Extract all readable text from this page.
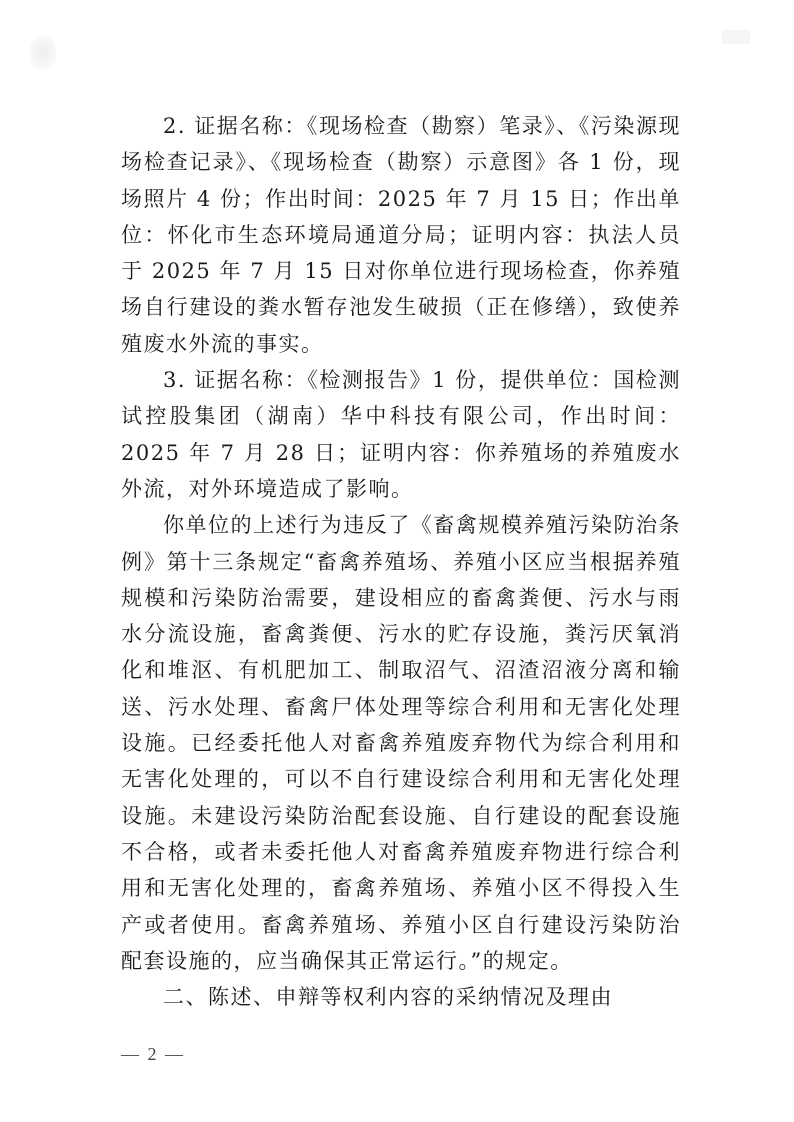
2. 证据名称：《现场检查（勘察）笔录》、《污染源现场检查记录》、《现场检查（勘察）示意图》各 1 份，现场照片 4 份；作出时间：2025 年 7 月 15 日；作出单位：怀化市生态环境局通道分局；证明内容：执法人员于 2025 年 7 月 15 日对你单位进行现场检查，你养殖场自行建设的粪水暂存池发生破损（正在修缮），致使养殖废水外流的事实。

3. 证据名称：《检测报告》1 份，提供单位：国检测试控股集团（湖南）华中科技有限公司，作出时间：2025 年 7 月 28 日；证明内容：你养殖场的养殖废水外流，对外环境造成了影响。

你单位的上述行为违反了《畜禽规模养殖污染防治条例》第十三条规定“畜禽养殖场、养殖小区应当根据养殖规模和污染防治需要，建设相应的畜禽粪便、污水与雨水分流设施，畜禽粪便、污水的贮存设施，粪污厌氧消化和堆沤、有机肥加工、制取沼气、沼渣沼液分离和输送、污水处理、畜禽尸体处理等综合利用和无害化处理设施。已经委托他人对畜禽养殖废弃物代为综合利用和无害化处理的，可以不自行建设综合利用和无害化处理设施。未建设污染防治配套设施、自行建设的配套设施不合格，或者未委托他人对畜禽养殖废弃物进行综合利用和无害化处理的，畜禽养殖场、养殖小区不得投入生产或者使用。畜禽养殖场、养殖小区自行建设污染防治配套设施的，应当确保其正常运行。”的规定。

二、陈述、申辩等权利内容的采纳情况及理由

— 2 —
